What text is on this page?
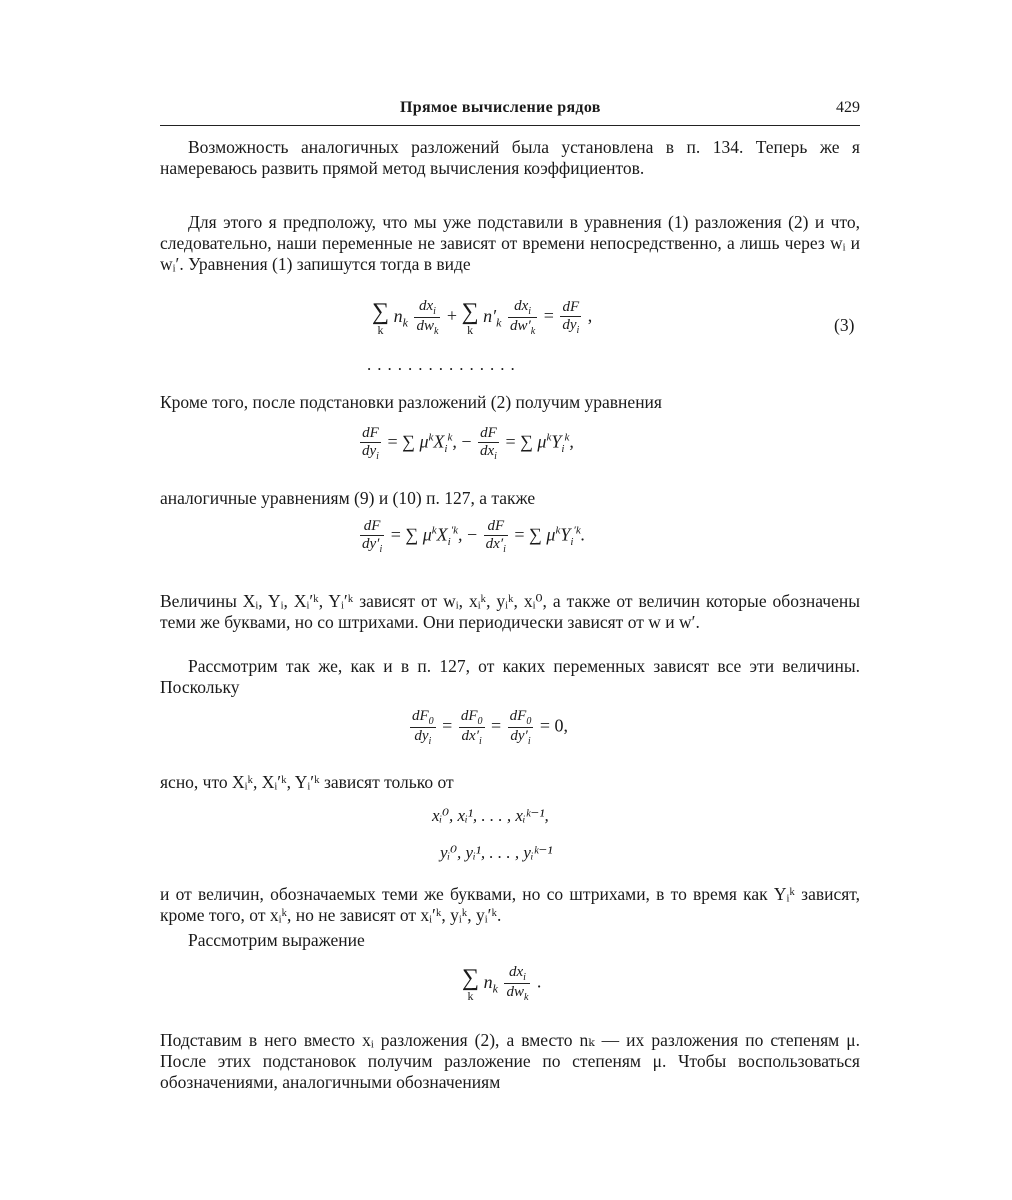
Прямое вычисление рядов	429

Возможность аналогичных разложений была установлена в п. 134. Теперь же я намереваюсь развить прямой метод вычисления коэффициентов.

Для этого я предположу, что мы уже подставили в уравнения (1) разложения (2) и что, следовательно, наши переменные не зависят от времени непосредственно, а лишь через wᵢ и wᵢ′. Уравнения (1) запишутся тогда в виде

∑
k
$n_k \frac{dx_i}{dw_k}$ + ∑
k
$n'_k \frac{dx_i}{dw'_k} = \frac{dF}{dy_i}$ ,	(3)
...............

Кроме того, после подстановки разложений (2) получим уравнения

$\frac{dF}{dy_i}$ = ∑ $\mu^kX_i^k$, − $\frac{dF}{dx_i}$ = ∑ $\mu^kY_i^k$,

аналогичные уравнениям (9) и (10) п. 127, а также

$\frac{dF}{dy'_i}$ = ∑ $\mu^kX_i^{'k}$, − $\frac{dF}{dx'_i}$ = ∑ $\mu^kY_i^{'k}$.

Величины Xᵢ, Yᵢ, Xᵢ′ᵏ, Yᵢ′ᵏ зависят от wᵢ, xᵢᵏ, yᵢᵏ, xᵢ⁰, а также от величин которые обозначены теми же буквами, но со штрихами. Они периодически зависят от w и w′.

Рассмотрим так же, как и в п. 127, от каких переменных зависят все эти величины. Поскольку

$\frac{dF_0}{dy_i} = \frac{dF_0}{dx'_i} = \frac{dF_0}{dy'_i} = 0$,

ясно, что Xᵢᵏ, Xᵢ′ᵏ, Yᵢ′ᵏ зависят только от

xᵢ⁰, xᵢ¹, . . . , xᵢᵏ⁻¹,
yᵢ⁰, yᵢ¹, . . . , yᵢᵏ⁻¹

и от величин, обозначаемых теми же буквами, но со штрихами, в то время как Yᵢᵏ зависят, кроме того, от xᵢᵏ, но не зависят от xᵢ′ᵏ, yᵢᵏ, yᵢ′ᵏ.

Рассмотрим выражение

∑
k
$n_k \frac{dx_i}{dw_k}$ .

Подставим в него вместо xᵢ разложения (2), а вместо nₖ — их разложения по степеням μ. После этих подстановок получим разложение по степеням μ. Чтобы воспользоваться обозначениями, аналогичными обозначениям
